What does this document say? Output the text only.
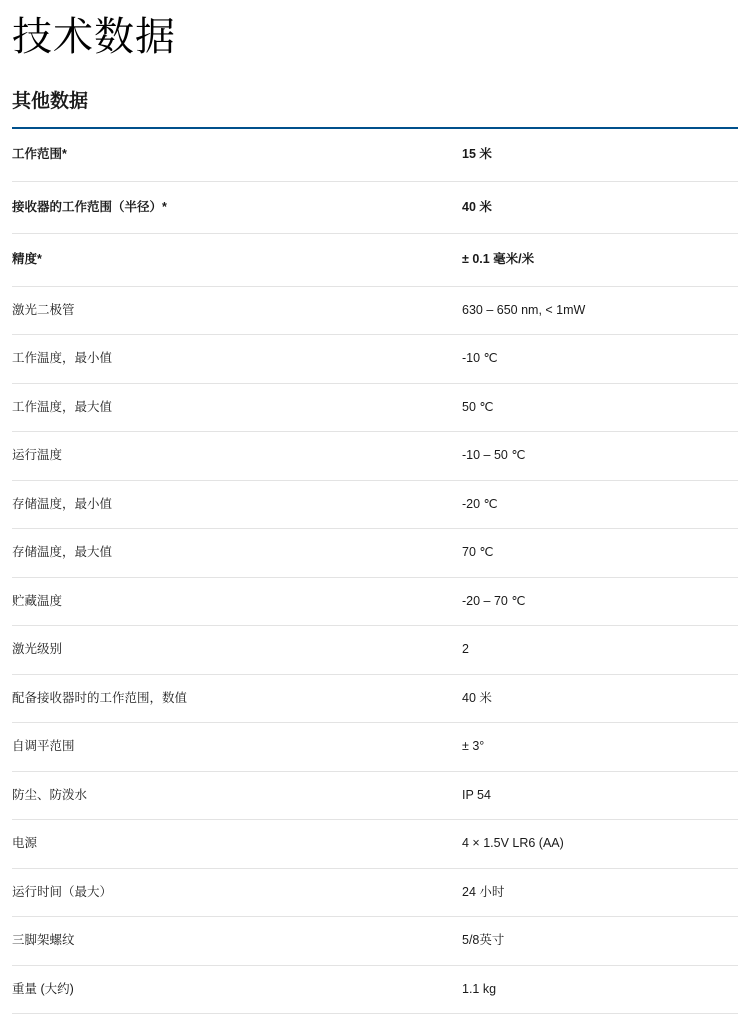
技术数据
其他数据
工作范围*	15 米
接收器的工作范围（半径）*	40 米
精度*	± 0.1 毫米/米
激光二极管	630 – 650 nm, < 1mW
工作温度，最小值	-10 ℃
工作温度，最大值	50 ℃
运行温度	-10 – 50 ℃
存储温度，最小值	-20 ℃
存储温度，最大值	70 ℃
贮藏温度	-20 – 70 ℃
激光级别	2
配备接收器时的工作范围，数值	40 米
自调平范围	± 3°
防尘、防泼水	IP 54
电源	4 × 1.5V LR6 (AA)
运行时间（最大）	24 小时
三脚架螺纹	5/8英寸
重量 (大约)	1.1 kg
